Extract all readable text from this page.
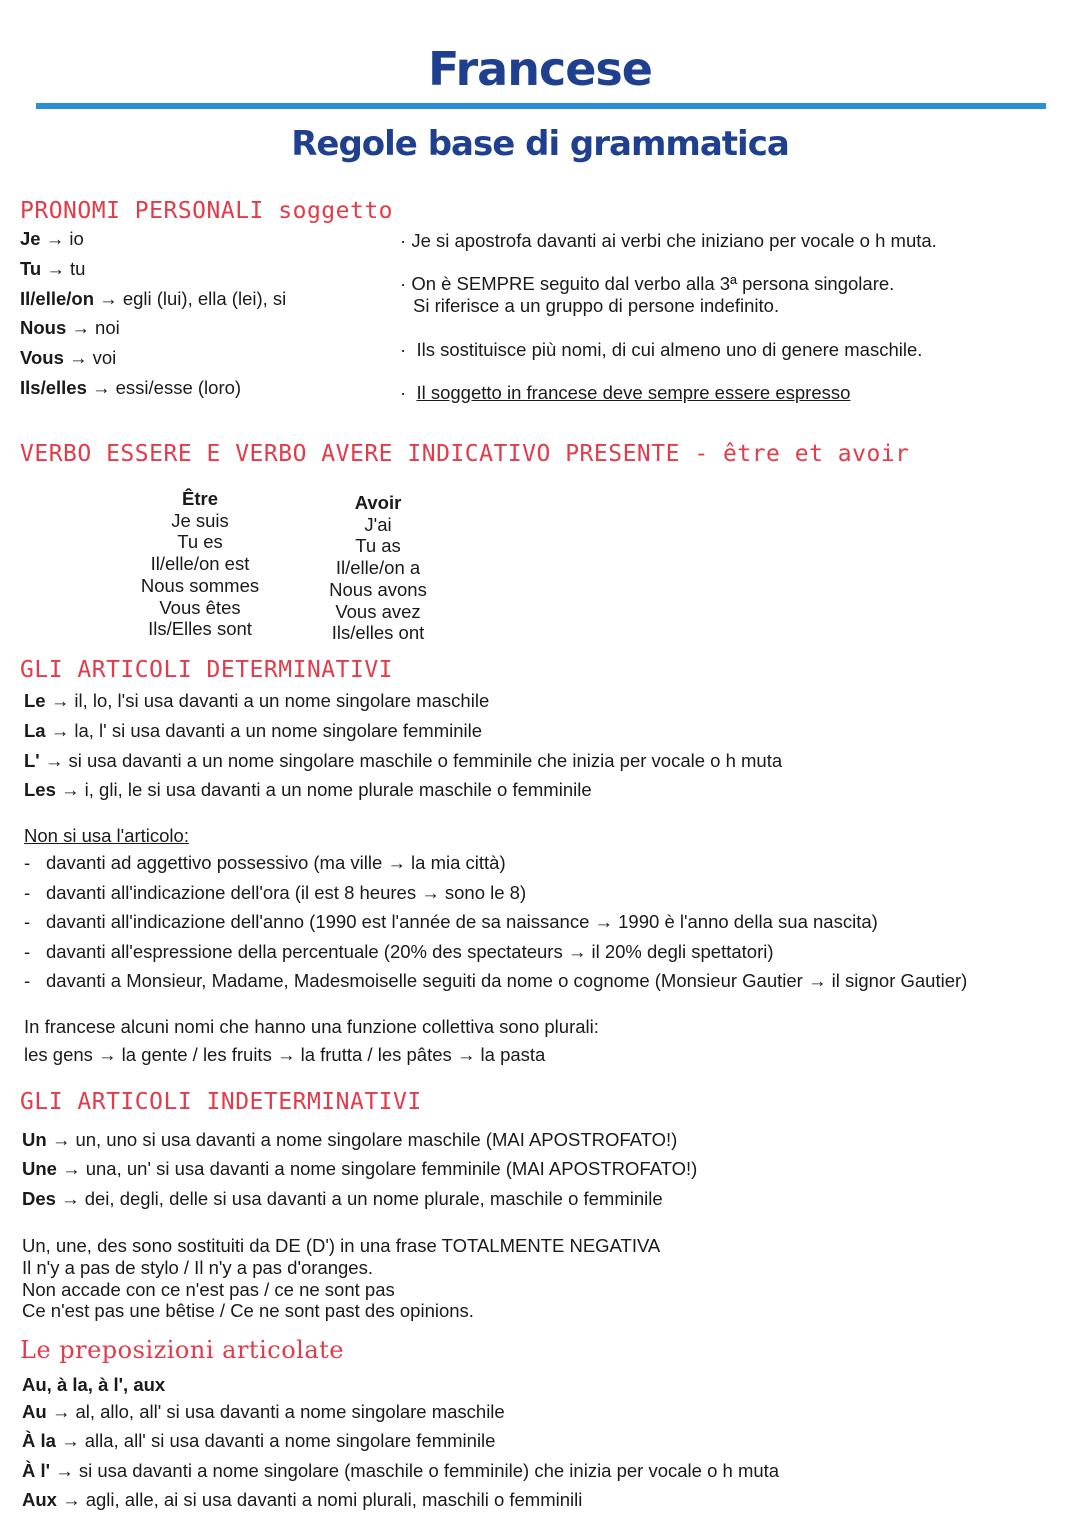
Francese
Regole base di grammatica
PRONOMI PERSONALI soggetto
Je → io
Tu → tu
Il/elle/on → egli (lui), ella (lei), si
Nous → noi
Vous → voi
Ils/elles → essi/esse (loro)
· Je si apostrofa davanti ai verbi che iniziano per vocale o h muta.
· On è SEMPRE seguito dal verbo alla 3ª persona singolare.
Si riferisce a un gruppo di persone indefinito.
·  Ils sostituisce più nomi, di cui almeno uno di genere maschile.
·  Il soggetto in francese deve sempre essere espresso
VERBO ESSERE E VERBO AVERE INDICATIVO PRESENTE - être et avoir
Être
Je suis
Tu es
Il/elle/on est
Nous sommes
Vous êtes
Ils/Elles sont
Avoir
J'ai
Tu as
Il/elle/on a
Nous avons
Vous avez
Ils/elles ont
GLI ARTICOLI DETERMINATIVI
Le → il, lo, l'si usa davanti a un nome singolare maschile
La → la, l' si usa davanti a un nome singolare femminile
L' → si usa davanti a un nome singolare maschile o femminile che inizia per vocale o h muta
Les → i, gli, le si usa davanti a un nome plurale maschile o femminile
Non si usa l'articolo:
- davanti ad aggettivo possessivo (ma ville → la mia città)
- davanti all'indicazione dell'ora (il est 8 heures → sono le 8)
- davanti all'indicazione dell'anno (1990 est l'année de sa naissance → 1990 è l'anno della sua nascita)
- davanti all'espressione della percentuale (20% des spectateurs → il 20% degli spettatori)
- davanti a Monsieur, Madame, Madesmoiselle seguiti da nome o cognome (Monsieur Gautier → il signor Gautier)
In francese alcuni nomi che hanno una funzione collettiva sono plurali:
les gens → la gente / les fruits → la frutta / les pâtes → la pasta
GLI ARTICOLI INDETERMINATIVI
Un → un, uno si usa davanti a nome singolare maschile (MAI APOSTROFATO!)
Une → una, un' si usa davanti a nome singolare femminile (MAI APOSTROFATO!)
Des → dei, degli, delle si usa davanti a un nome plurale, maschile o femminile
Un, une, des sono sostituiti da DE (D') in una frase TOTALMENTE NEGATIVA
Il n'y a pas de stylo / Il n'y a pas d'oranges.
Non accade con ce n'est pas / ce ne sont pas
Ce n'est pas une bêtise / Ce ne sont past des opinions.
Le preposizioni articolate
Au, à la, à l', aux
Au → al, allo, all' si usa davanti a nome singolare maschile
À la → alla, all' si usa davanti a nome singolare femminile
À l' → si usa davanti a nome singolare (maschile o femminile) che inizia per vocale o h muta
Aux → agli, alle, ai si usa davanti a nomi plurali, maschili o femminili
